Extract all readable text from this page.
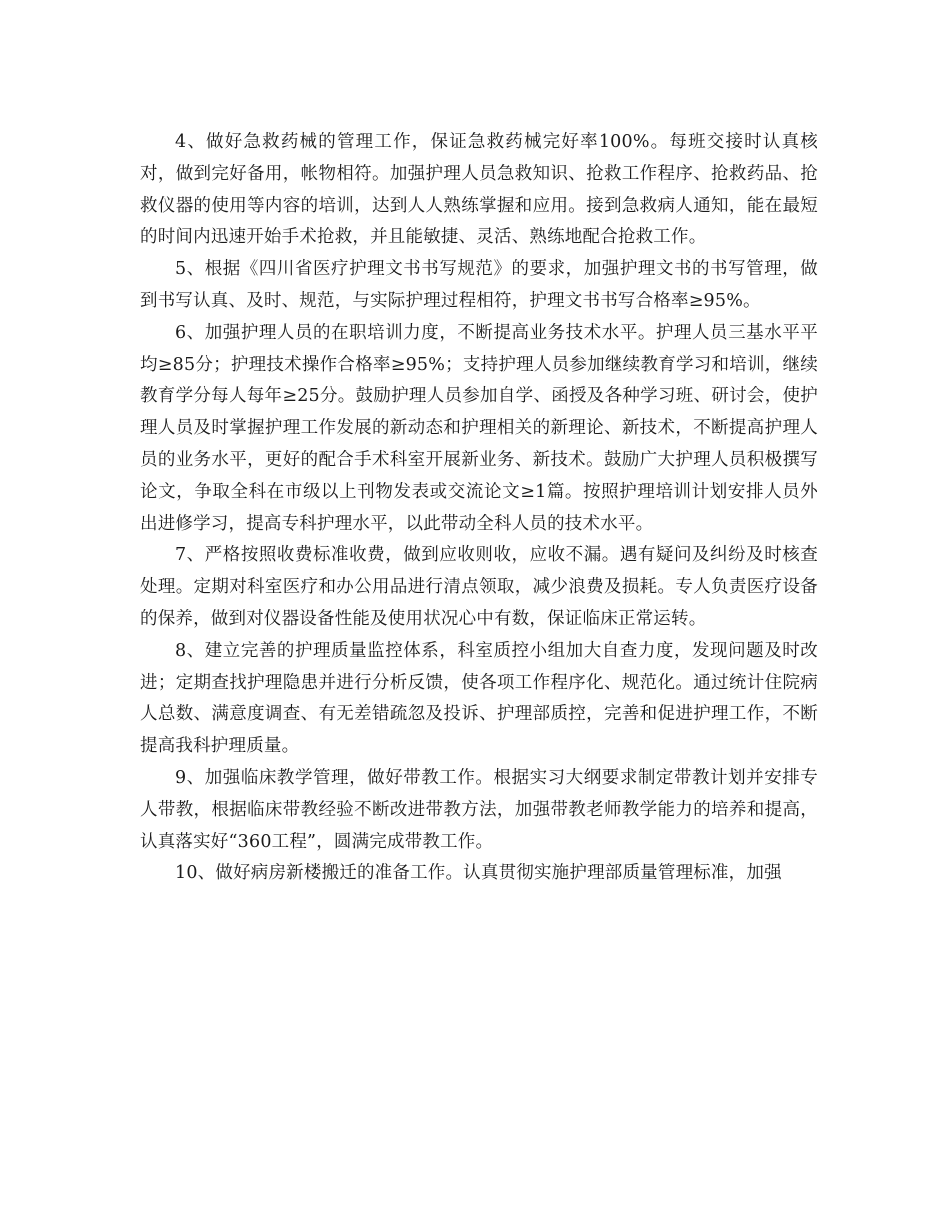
4、做好急救药械的管理工作，保证急救药械完好率100%。每班交接时认真核对，做到完好备用，帐物相符。加强护理人员急救知识、抢救工作程序、抢救药品、抢救仪器的使用等内容的培训，达到人人熟练掌握和应用。接到急救病人通知，能在最短的时间内迅速开始手术抢救，并且能敏捷、灵活、熟练地配合抢救工作。

5、根据《四川省医疗护理文书书写规范》的要求，加强护理文书的书写管理，做到书写认真、及时、规范，与实际护理过程相符，护理文书书写合格率≥95%。

6、加强护理人员的在职培训力度，不断提高业务技术水平。护理人员三基水平平均≥85分；护理技术操作合格率≥95%；支持护理人员参加继续教育学习和培训，继续教育学分每人每年≥25分。鼓励护理人员参加自学、函授及各种学习班、研讨会，使护理人员及时掌握护理工作发展的新动态和护理相关的新理论、新技术，不断提高护理人员的业务水平，更好的配合手术科室开展新业务、新技术。鼓励广大护理人员积极撰写论文，争取全科在市级以上刊物发表或交流论文≥1篇。按照护理培训计划安排人员外出进修学习，提高专科护理水平，以此带动全科人员的技术水平。

7、严格按照收费标准收费，做到应收则收，应收不漏。遇有疑问及纠纷及时核查处理。定期对科室医疗和办公用品进行清点领取，减少浪费及损耗。专人负责医疗设备的保养，做到对仪器设备性能及使用状况心中有数，保证临床正常运转。

8、建立完善的护理质量监控体系，科室质控小组加大自查力度，发现问题及时改进；定期查找护理隐患并进行分析反馈，使各项工作程序化、规范化。通过统计住院病人总数、满意度调查、有无差错疏忽及投诉、护理部质控，完善和促进护理工作，不断提高我科护理质量。

9、加强临床教学管理，做好带教工作。根据实习大纲要求制定带教计划并安排专人带教，根据临床带教经验不断改进带教方法，加强带教老师教学能力的培养和提高，认真落实好“360工程”，圆满完成带教工作。

10、做好病房新楼搬迁的准备工作。认真贯彻实施护理部质量管理标准，加强
